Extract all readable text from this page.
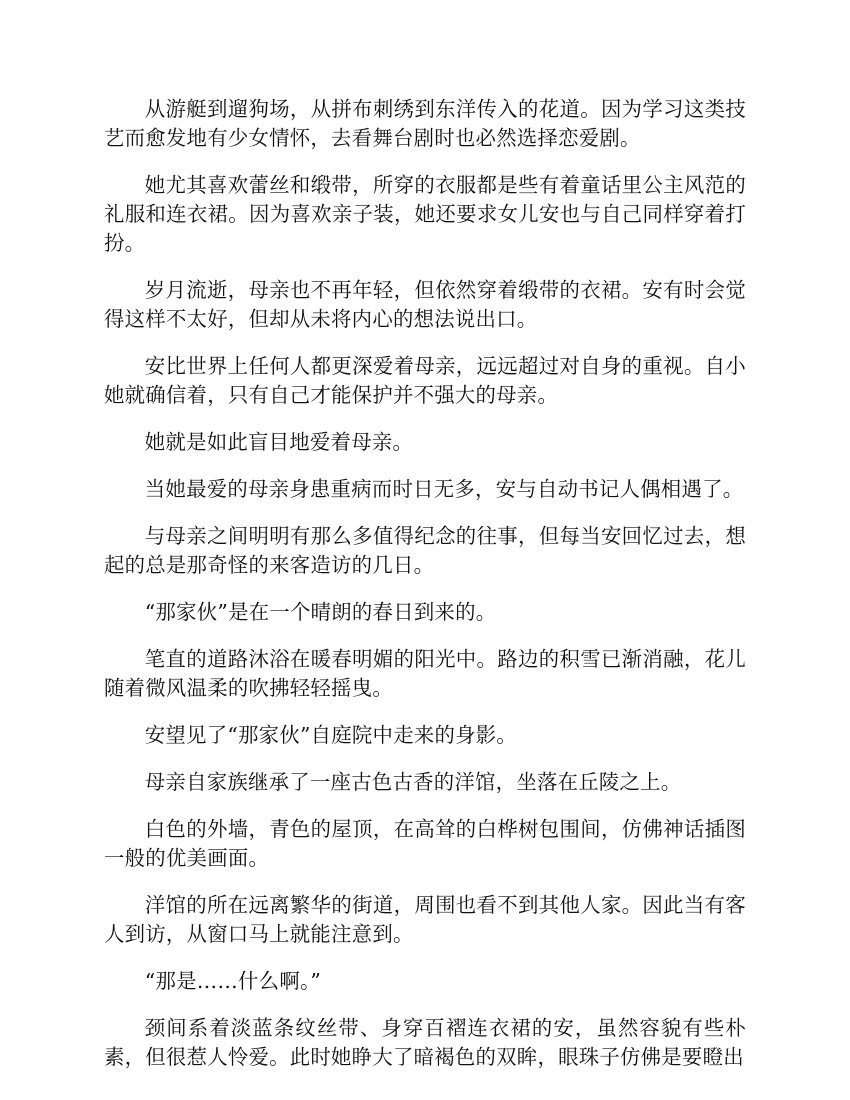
从游艇到遛狗场，从拼布刺绣到东洋传入的花道。因为学习这类技艺而愈发地有少女情怀，去看舞台剧时也必然选择恋爱剧。

她尤其喜欢蕾丝和缎带，所穿的衣服都是些有着童话里公主风范的礼服和连衣裙。因为喜欢亲子装，她还要求女儿安也与自己同样穿着打扮。

岁月流逝，母亲也不再年轻，但依然穿着缎带的衣裙。安有时会觉得这样不太好，但却从未将内心的想法说出口。

安比世界上任何人都更深爱着母亲，远远超过对自身的重视。自小她就确信着，只有自己才能保护并不强大的母亲。

她就是如此盲目地爱着母亲。

当她最爱的母亲身患重病而时日无多，安与自动书记人偶相遇了。

与母亲之间明明有那么多值得纪念的往事，但每当安回忆过去，想起的总是那奇怪的来客造访的几日。

“那家伙”是在一个晴朗的春日到来的。

笔直的道路沐浴在暖春明媚的阳光中。路边的积雪已渐消融，花儿随着微风温柔的吹拂轻轻摇曳。

安望见了“那家伙”自庭院中走来的身影。

母亲自家族继承了一座古色古香的洋馆，坐落在丘陵之上。

白色的外墙，青色的屋顶，在高耸的白桦树包围间，仿佛神话插图一般的优美画面。

洋馆的所在远离繁华的街道，周围也看不到其他人家。因此当有客人到访，从窗口马上就能注意到。

“那是……什么啊。”

颈间系着淡蓝条纹丝带、身穿百褶连衣裙的安，虽然容貌有些朴素，但很惹人怜爱。此时她睁大了暗褐色的双眸，眼珠子仿佛是要瞪出
